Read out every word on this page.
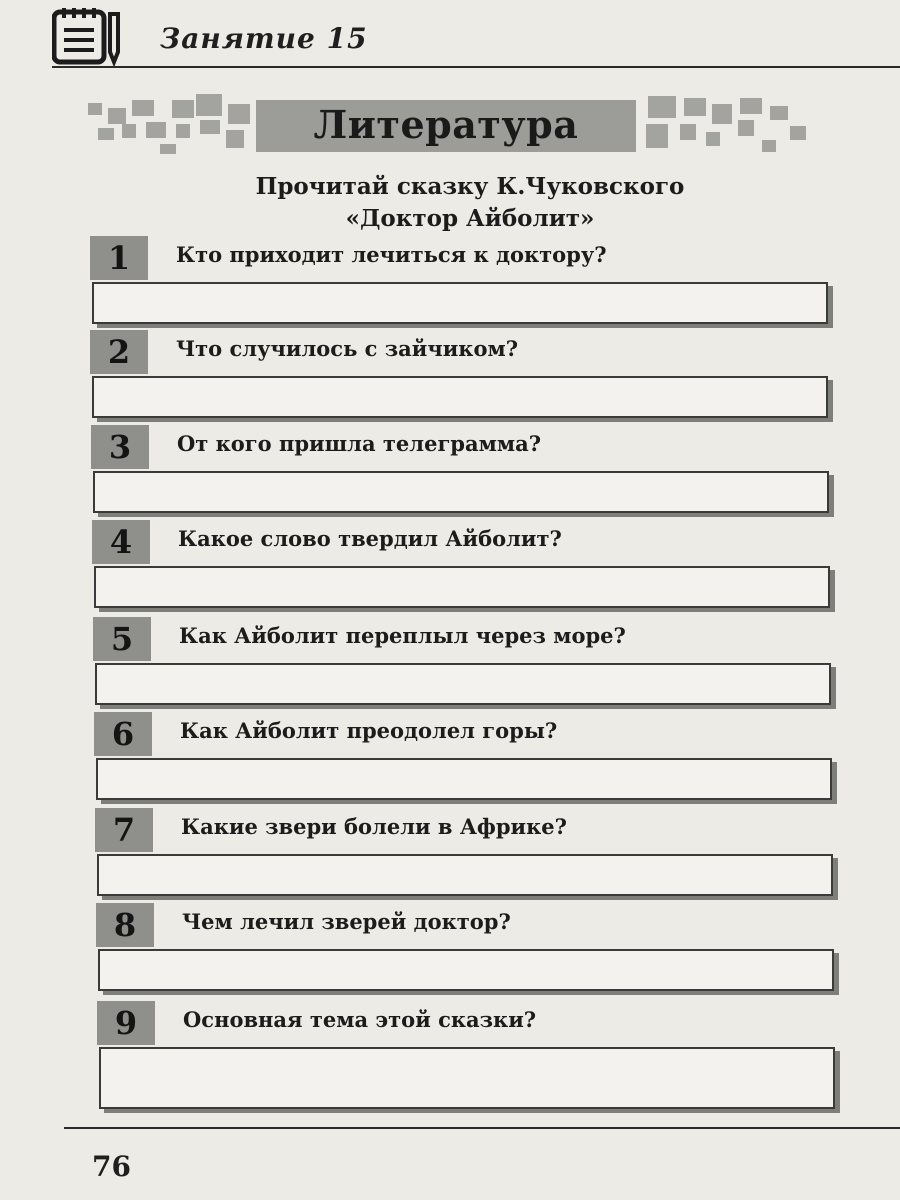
Занятие 15
Литература
Прочитай сказку К.Чуковского
«Доктор Айболит»
1	Кто приходит лечиться к доктору?
2	Что случилось с зайчиком?
3	От кого пришла телеграмма?
4	Какое слово твердил Айболит?
5	Как Айболит переплыл через море?
6	Как Айболит преодолел горы?
7	Какие звери болели в Африке?
8	Чем лечил зверей доктор?
9	Основная тема этой сказки?
76
